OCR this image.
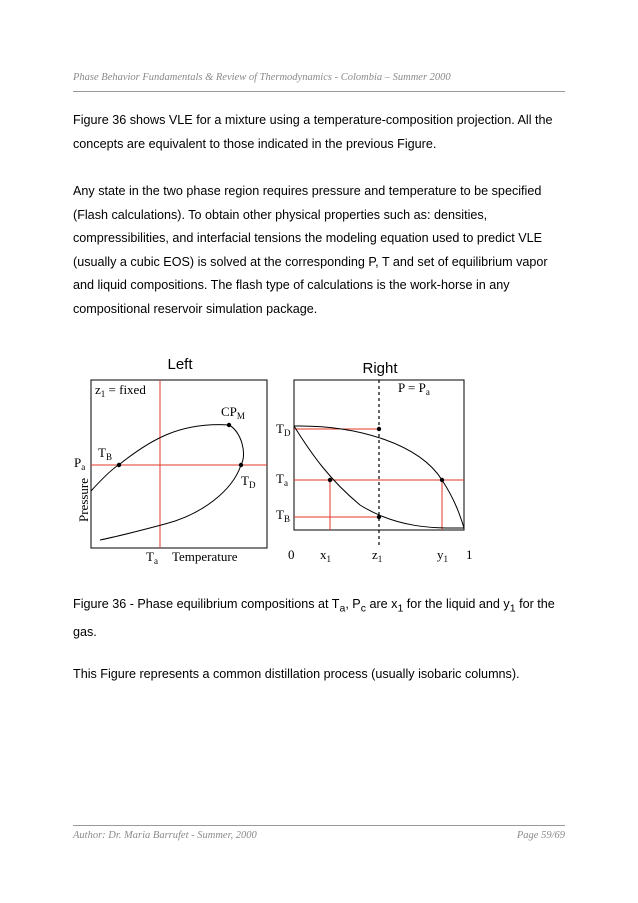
Phase Behavior Fundamentals & Review of Thermodynamics - Colombia – Summer 2000
Figure 36 shows VLE for a mixture using a temperature-composition projection. All the concepts are equivalent to those indicated in the previous Figure.
Any state in the two phase region requires pressure and temperature to be specified (Flash calculations). To obtain other physical properties such as: densities, compressibilities, and interfacial tensions the modeling equation used to predict VLE (usually a cubic EOS) is solved at the corresponding P, T and set of equilibrium vapor and liquid compositions. The flash type of calculations is the work-horse in any compositional reservoir simulation package.
Left
$z_1$ = fixed
$CP_M$
$T_B$
$T_D$
$P_a$
Pressure
$T_a$ Temperature
Right
$P = P_a$
$T_D$
$T_a$
$T_B$
0 $x_1$	$z_1$	$y_1$ 1
Figure 36 - Phase equilibrium compositions at $T_a$, $P_c$ are $x_1$ for the liquid and $y_1$ for the gas.
This Figure represents a common distillation process (usually isobaric columns).
Author: Dr. Maria Barrufet - Summer, 2000	Page 59/69
